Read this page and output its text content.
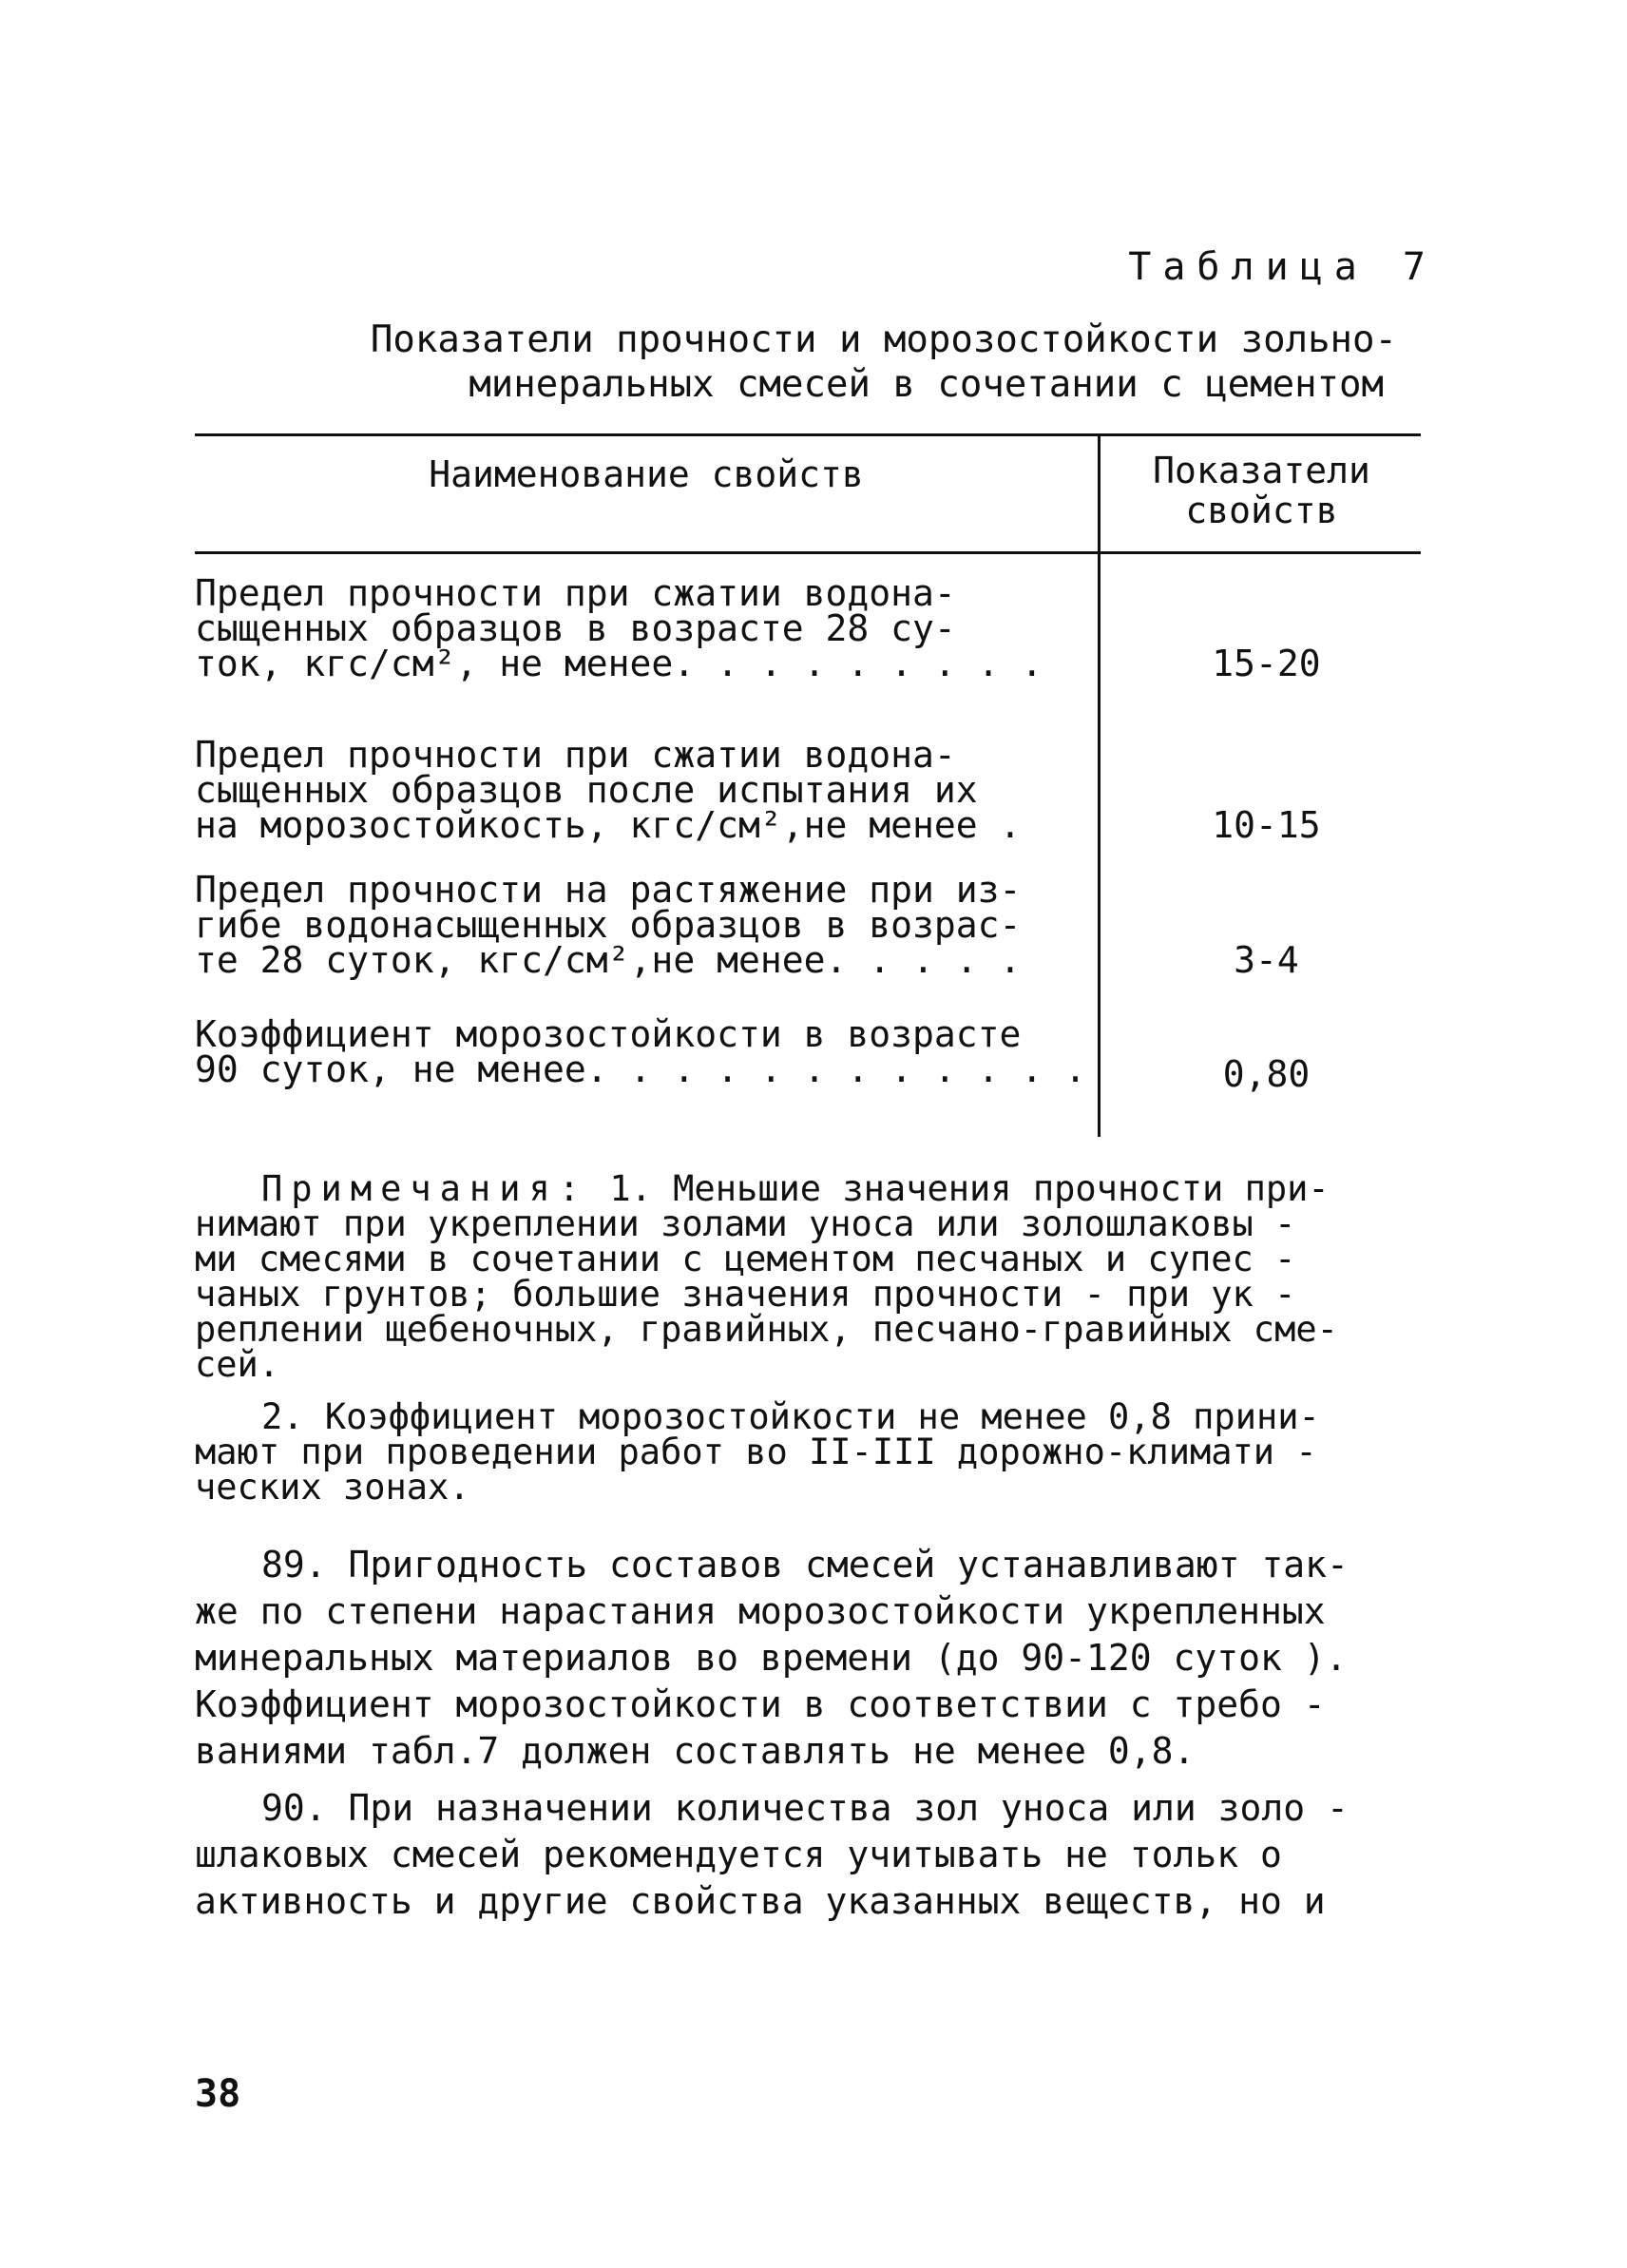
Таблица 7
Показатели прочности и морозостойкости зольно-
минеральных смесей в сочетании с цементом
Наименование свойств	Показатели
свойств
Предел прочности при сжатии водона-
сыщенных образцов в возрасте 28 су-
ток, кгс/см², не менее. . . . . . . . .	15-20
Предел прочности при сжатии водона-
сыщенных образцов после испытания их
на морозостойкость, кгс/см²,не менее .	10-15
Предел прочности на растяжение при из-
гибе водонасыщенных образцов в возрас-
те 28 суток, кгс/см²,не менее. . . . .	3-4
Коэффициент морозостойкости в возрасте
90 суток, не менее. . . . . . . . . . . .	0,80
Примечания: 1. Меньшие значения прочности при-
нимают при укреплении золами уноса или золошлаковы -
ми смесями в сочетании с цементом песчаных и супес -
чаных грунтов; большие значения прочности - при ук -
реплении щебеночных, гравийных, песчано-гравийных сме-
сей.
2. Коэффициент морозостойкости не менее 0,8 прини-
мают при проведении работ во II-III дорожно-климати -
ческих зонах.
89. Пригодность составов смесей устанавливают так-
же по степени нарастания морозостойкости укрепленных
минеральных материалов во времени (до 90-120 суток ).
Коэффициент морозостойкости в соответствии с требо -
ваниями табл.7 должен составлять не менее 0,8.
90. При назначении количества зол уноса или золо -
шлаковых смесей рекомендуется учитывать не тольк о
активность и другие свойства указанных веществ, но и
38
